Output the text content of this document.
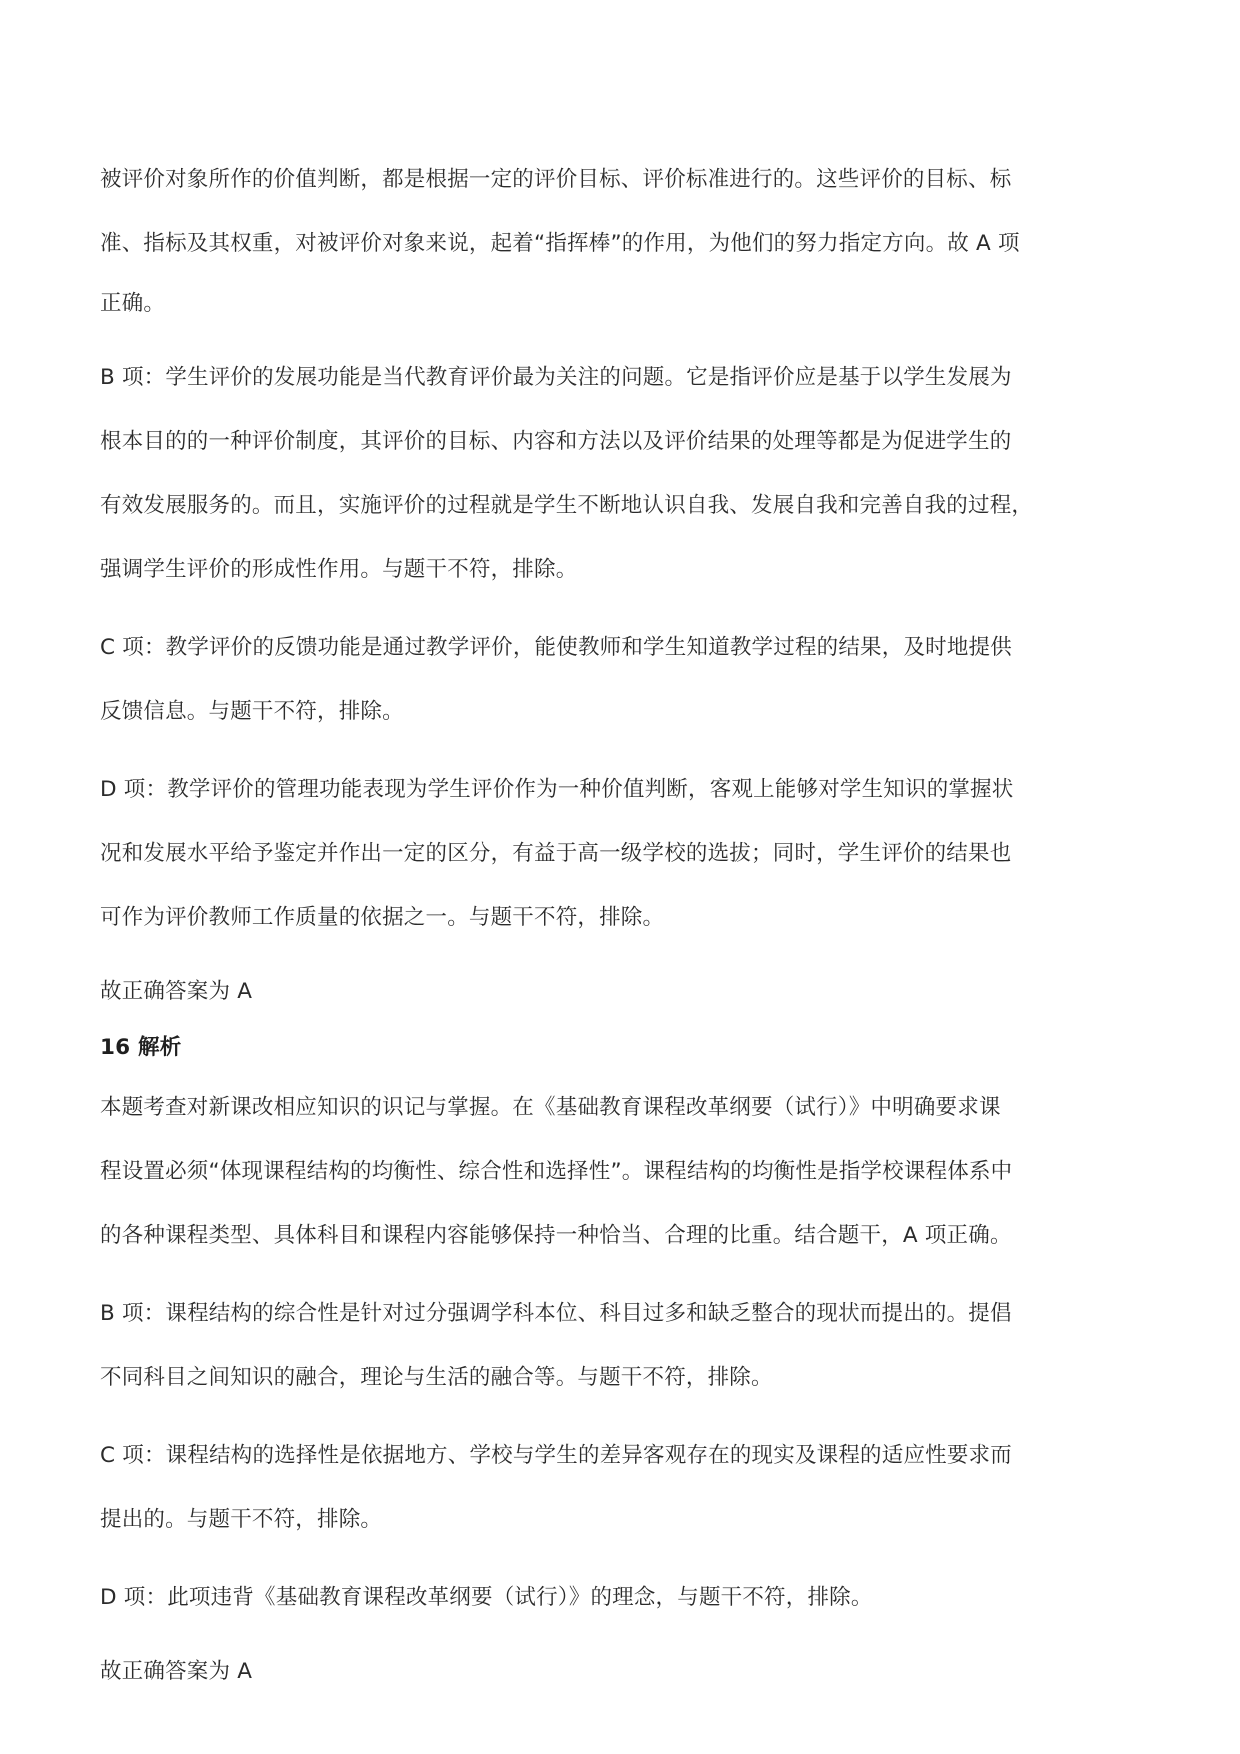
被评价对象所作的价值判断，都是根据一定的评价目标、评价标准进行的。这些评价的目标、标
准、指标及其权重，对被评价对象来说，起着“指挥棒”的作用，为他们的努力指定方向。故 A 项
正确。
B 项：学生评价的发展功能是当代教育评价最为关注的问题。它是指评价应是基于以学生发展为
根本目的的一种评价制度，其评价的目标、内容和方法以及评价结果的处理等都是为促进学生的
有效发展服务的。而且，实施评价的过程就是学生不断地认识自我、发展自我和完善自我的过程，
强调学生评价的形成性作用。与题干不符，排除。
C 项：教学评价的反馈功能是通过教学评价，能使教师和学生知道教学过程的结果，及时地提供
反馈信息。与题干不符，排除。
D 项：教学评价的管理功能表现为学生评价作为一种价值判断，客观上能够对学生知识的掌握状
况和发展水平给予鉴定并作出一定的区分，有益于高一级学校的选拔；同时，学生评价的结果也
可作为评价教师工作质量的依据之一。与题干不符，排除。
故正确答案为 A
16 解析
本题考查对新课改相应知识的识记与掌握。在《基础教育课程改革纲要（试行）》中明确要求课
程设置必须“体现课程结构的均衡性、综合性和选择性”。课程结构的均衡性是指学校课程体系中
的各种课程类型、具体科目和课程内容能够保持一种恰当、合理的比重。结合题干，A 项正确。
B 项：课程结构的综合性是针对过分强调学科本位、科目过多和缺乏整合的现状而提出的。提倡
不同科目之间知识的融合，理论与生活的融合等。与题干不符，排除。
C 项：课程结构的选择性是依据地方、学校与学生的差异客观存在的现实及课程的适应性要求而
提出的。与题干不符，排除。
D 项：此项违背《基础教育课程改革纲要（试行）》的理念，与题干不符，排除。
故正确答案为 A
